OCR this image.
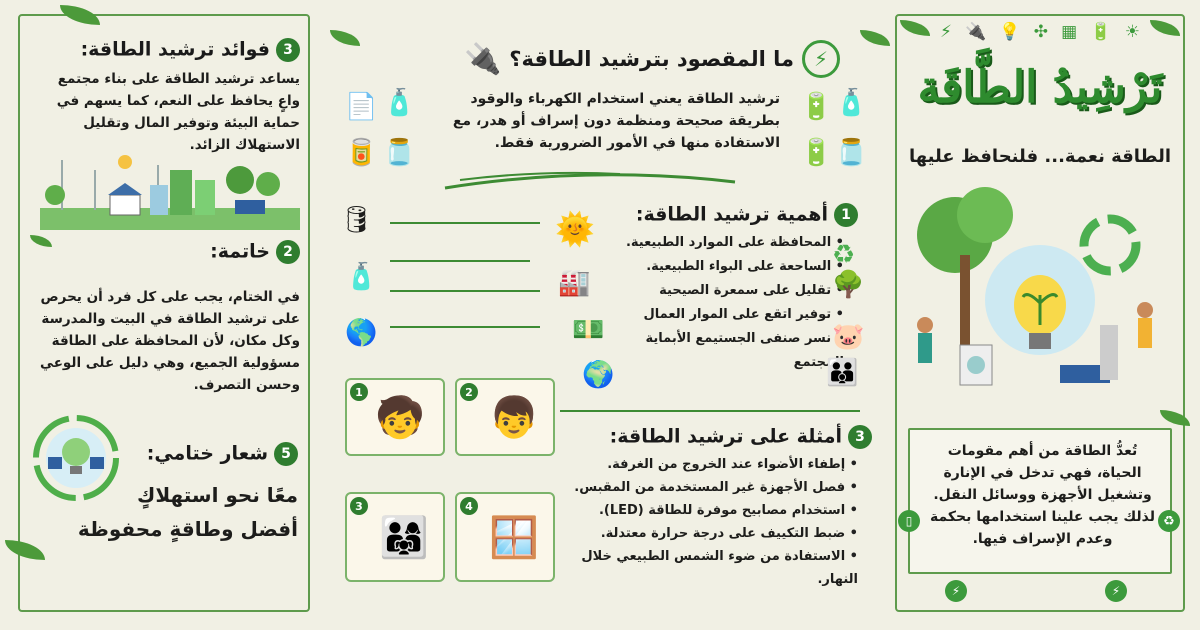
3فوائد ترشيد الطاقة:
يساعد ترشيد الطاقة على بناء مجتمع واعٍ يحافظ على النعم، كما يسهم في حماية البيئة وتوفير المال وتقليل الاستهلاك الزائد.
2خاتمة:
في الختام، يجب على كل فرد أن يحرص على ترشيد الطاقة في البيت والمدرسة وكل مكان، لأن المحافظة على الطاقة مسؤولية الجميع، وهي دليل على الوعي وحسن التصرف.
5شعار ختامي:
معًا نحو استهلاكٍ
أفضل وطاقةٍ محفوظة
⚡
ما المقصود بترشيد الطاقة؟
🔌
📄 🧴
🥫 🫙
ترشيد الطاقة يعني استخدام الكهرباء والوقود بطريقة صحيحة ومنظمة دون إسراف أو هدر، مع الاستفادة منها في الأمور الضرورية فقط.
🔋 🧴
🔋 🫙
1أهمية ترشيد الطاقة:
• المحافظة على الموارد الطبيعية.
• الساحعة على البواء الطبيعية.
• تقليل على سمعرة الصيحية
• توفير اتقع على الموار العمال
• نسر صنفى الجستيمع الأبماية المجتمع
♻
🌳
🐷
👪
🌞
🏭
💵
🌍
🛢
🧴
🌎
1
🧒
2
👦
3
👨‍👩‍👧
4
🪟
3أمثلة على ترشيد الطاقة:
• إطفاء الأضواء عند الخروج من الغرفة.
• فصل الأجهزة غير المستخدمة من المقبس.
• استخدام مصابيح موفرة للطاقة (LED).
• ضبط التكييف على درجة حرارة معتدلة.
• الاستفادة من ضوء الشمس الطبيعي خلال النهار.
⚡ 🔌 💡 ✣ ▦ 🔋 ☀
تَرْشِيدُ الطَّاقَة
الطاقة نعمة... فلنحافظ عليها
تُعدُّ الطاقة من أهم مقومات الحياة، فهي تدخل في الإنارة وتشغيل الأجهزة ووسائل النقل. لذلك يجب علينا استخدامها بحكمة وعدم الإسراف فيها.
♻
▯
⚡	⚡
